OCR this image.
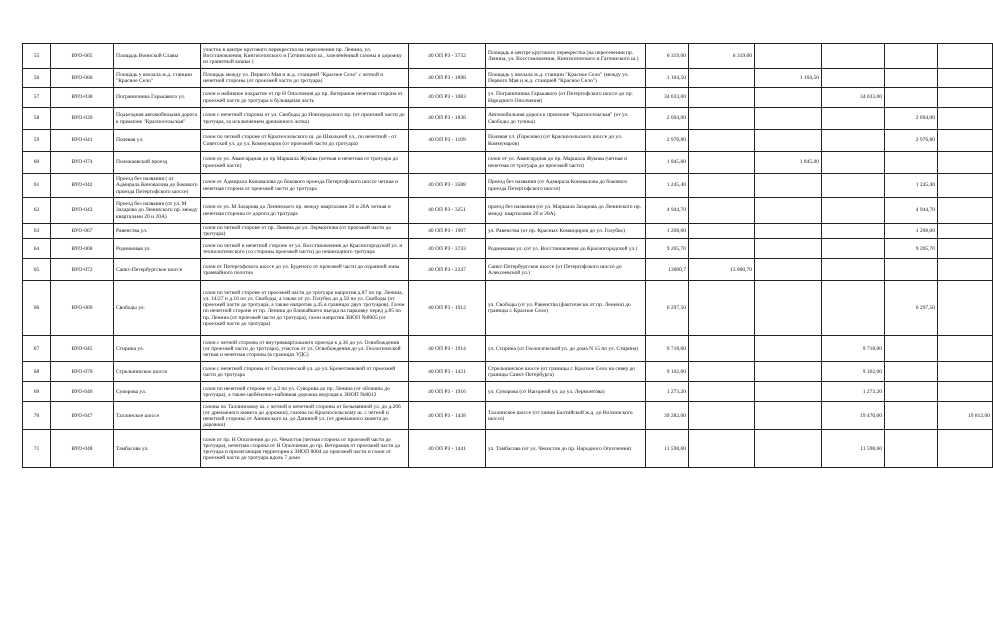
55	ВУО-065	Площадь Воинской Славы	участок в центре кругового перекрестка на пересечении пр. Ленина, ул. Восстановления, Кингисеппского и Гатчинского ш., зазеленённый газоны и дорожку из гранитной кошки )	40 ОП РЗ - 3732	Площадь в центре кругового перекрестка (на пересечении пр. Ленина, ул. Восстановления, Кингисеппского и Гатчинского ш.)	6 319,00	6 319,00				
56	ВУО-066	Площадь у вокзала ж.д. станции "Красное Село"	Площадь между ул. Первого Мая и ж.д. станцией "Красное Село" с четной и нечетной стороны (от проезжей части до тротуара)	40 ОП РЗ - 1898	Площадь у вокзала ж.д. станции "Красное Село" (между ул. Первого Мая и ж.д. станцией "Красное Село")	1 104,50		1 104,50			
57	ВУО-038	Пограничника Гарькавого ул.	газон и набивное покрытие от пр Н Ополчения до пр. Ветеранов нечетная сторона от проезжей части до тротуара и бульварная часть	40 ОП РЗ - 1083	ул. Пограничника Гарькавого (от Петергофского шоссе до пр. Народного Ополчения)	34 033,00			34 033,00		
58	ВУО-039	Подъездная автомобильная дорога к промзоне "Красносельская"	газон с нечетной стороны от ул. Свободы до Новгородского пр. (от проезжей части до тротуара, за исключением дренажного лотка)	40 ОП РЗ - 1836	Автомобильная дорога к промзоне "Красносельская" (от ул. Свободы до тупика)	2 694,00				2 694,00	
59	ВУО-041	Полевая ул.	газон по четной стороне от Красносельского ш. до Школьной ул., по нечетной - от Советской ул. до ул. Коммунаров (от проезжей части до тротуара)	40 ОП РЗ - 1109	Полевая ул. (Горелово) (от Красносельского шоссе до ул. Коммунаров)	2 976,80				2 976,80	
60	ВУО-074	Полежаевский проезд	газон от ул. Авангардная до пр Маршала Жукова (четная и нечетная от тротуара до проезжей части)		газон от ул. Авангардная до пр. Маршала Жукова (четная и нечетная от тротуара до проезжей части)	1 845,00		1 845,00			
61	ВУО-042	Проезд без названия ( от Адмирала Коновалова до бокового проезда Петергофского шоссе)	газон от Адмирала Коновалова до бокового проезда Петергофского шоссе четная и нечетная сторона от проезжей части до тротуара	40 ОП РЗ - 3588	Проезд без названия (от Адмирала Коновалова до бокового проезда Петергофского шоссе)	1 245,40				1 245,40	
62	ВУО-043	Проезд без названия (от ул. М Захарова до Ленинского пр. между кварталами 20 и 20А)	газон от ул. М Захарова до Ленинского пр. между кварталами 20 и 20А четная и нечетная стороны от дороги до тротуара	40 ОП РЗ - 3251	проезд без названия (от ул. Маршала Захарова до Ленинского пр. между кварталами 20 и 20А)	4 944,70				4 944,70	
63	ВУО-067	Равенства ул.	газон по четной стороне от пр. Ленина до ул. Лермонтова (от проезжей части до тротуара)	40 ОП РЗ - 1907	ул. Равенства (от пр. Красных Командиров до ул. Голубко)	1 208,00				1 208,00	
64	ВУО-068	Родниковая ул.	газон по четной и нечетной стороне от ул. Восстановления до Красногородской ул. и технологического (со стороны проезжей части) до пешеходного тротуара	40 ОП РЗ - 3743	Родниковая ул. (от ул. Восстановления до Красногородской ул.)	9 205,70				9 205,70	
65	ВУО-072	Санкт-Петербургское шоссе	газон от Петергофского шоссе до ул. Буденого от проезжей части до охранной зоны трамвайного полотна	40 ОП РЗ - 2247	Санкт-Петербургское шоссе (от Петергофского шоссе до Алексеевской ул.)	13000,7	13 000,70				
66	ВУО-069	Свободы ул.	газон по четной стороне от проезжей части до тротуара напротив д.87 по пр. Ленина, ул. 14/27 и д.16 по ул. Свободы, а также от ул. Голубко до д.50 по ул. Свободы (от проезжей части до тротуара, а также напротив д.45 в границах двух тротуаров). Газон по нечетной стороне от пр. Ленина до ближайшего въезда на парковку перед д.85 по пр. Ленина (от проезжей части до тротуара), газон напротив ЗНОП №8005 (от проезжей части до тротуара)	40 ОП РЗ - 1912	ул. Свободы (от ул. Равенства (фактически от пр. Ленина) до границы г. Красное Село)	6 297,50				6 297,50	
67	ВУО-045	Стирина ул.	газон с четной стороны от внутриквартального проезда к д.36 до ул. Освобождения (от проезжей части до тротуара), участок от ул. Освобождения до ул. Геологической четная и нечетная стороны (в границах УДС)	40 ОП РЗ - 1914	ул. Стирина (от Геологической ул. до дома N 15 по ул. Стирина)	9 718,00			9 718,00		
68	ВУО-070	Стрельнинское шоссе	газон с нечетной стороны от Геологической ул. до ул. Бронетанковой от проезжей части до тротуара	40 ОП РЗ - 1421	Стрельнинское шоссе (от границы г. Красное Село на север до границы Санкт-Петербурга)	9 102,00			9 102,00		
69	ВУО-046	Суворова ул.	газон по нечетной стороне от д.2 по ул. Суворова до пр. Ленина (от обочины до тротуара), а также щебёночно-набивная дорожка ведущая к ЗНОП №8013	40 ОП РЗ - 1916	ул. Суворова (от Нагорной ул. до ул. Лермонтова)	1 273,20			1 273,20		
70	ВУО-047	Таллинское шоссе	газоны по Таллинскому ш. с четной и нечетной стороны от Безымянной ул. до д.206 (от дренажного кювета до дорожки), газоны по Красносельскому ш. с четной и нечетной стороны от Аннинского ш. до Даниной ул. (от дренажного кювета до дорожки)	40 ОП РЗ - 1438	Таллинское шоссе (от линии Балтийской ж.д. до Волхонского шоссе)	39 282,00			19 470,00		19 812,00
71	ВУО-048	Тамбасова ул.	газон от пр. Н Ополчения до ул. Чекистов (четная сторона от проезжей части до тротуара), нечетная сторона от Н Ополчения до пр. Ветеранов от проезжей части до тротуара и прилегающая территория к ЗНОП 8004 до проезжей части и газон от проезжей части до тротуара вдоль 7 дома	40 ОП РЗ - 1441	ул. Тамбасова (от ул. Чекистов до пр. Народного Ополчения)	11 598,60			11 598,60		
